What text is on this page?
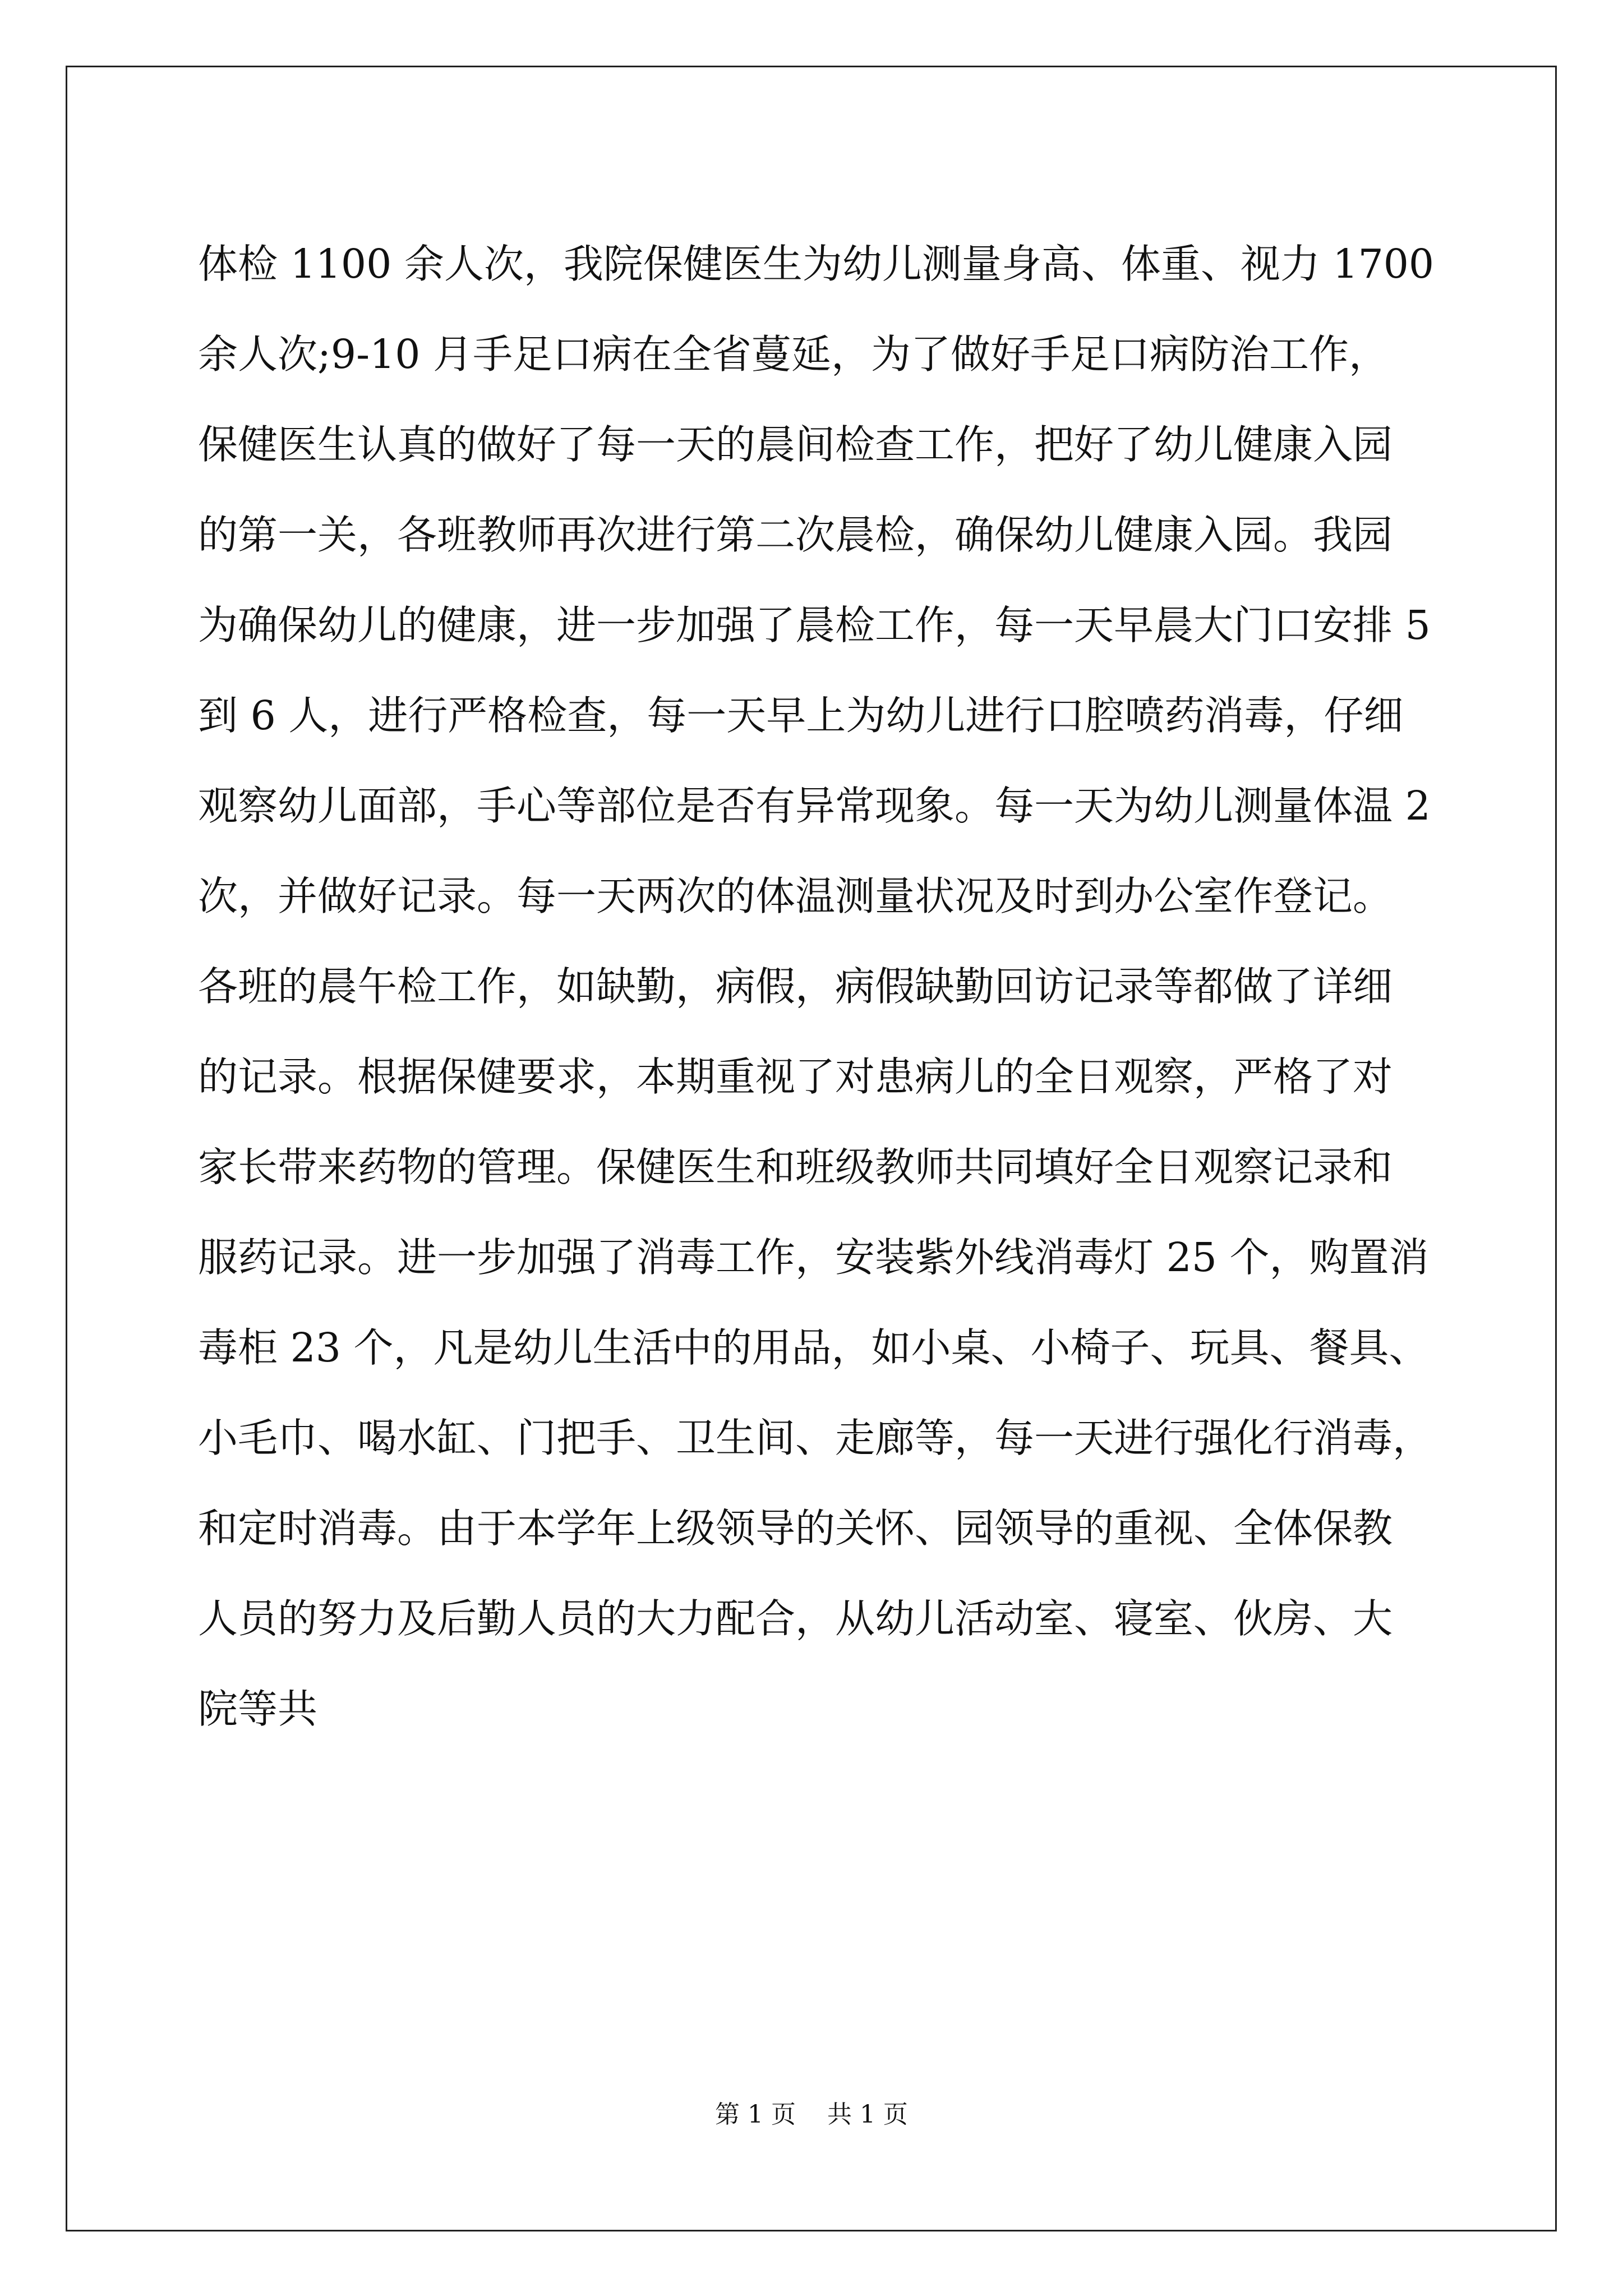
体检 1100 余人次，我院保健医生为幼儿测量身高、体重、视力 1700
余人次;9-10 月手足口病在全省蔓延，为了做好手足口病防治工作，
保健医生认真的做好了每一天的晨间检查工作，把好了幼儿健康入园
的第一关，各班教师再次进行第二次晨检，确保幼儿健康入园。我园
为确保幼儿的健康，进一步加强了晨检工作，每一天早晨大门口安排 5
到 6 人，进行严格检查，每一天早上为幼儿进行口腔喷药消毒，仔细
观察幼儿面部，手心等部位是否有异常现象。每一天为幼儿测量体温 2
次，并做好记录。每一天两次的体温测量状况及时到办公室作登记。
各班的晨午检工作，如缺勤，病假，病假缺勤回访记录等都做了详细
的记录。根据保健要求，本期重视了对患病儿的全日观察，严格了对
家长带来药物的管理。保健医生和班级教师共同填好全日观察记录和
服药记录。进一步加强了消毒工作，安装紫外线消毒灯 25 个，购置消
毒柜 23 个，凡是幼儿生活中的用品，如小桌、小椅子、玩具、餐具、
小毛巾、喝水缸、门把手、卫生间、走廊等，每一天进行强化行消毒，
和定时消毒。由于本学年上级领导的关怀、园领导的重视、全体保教
人员的努力及后勤人员的大力配合，从幼儿活动室、寝室、伙房、大
院等共
第 1 页    共 1 页
